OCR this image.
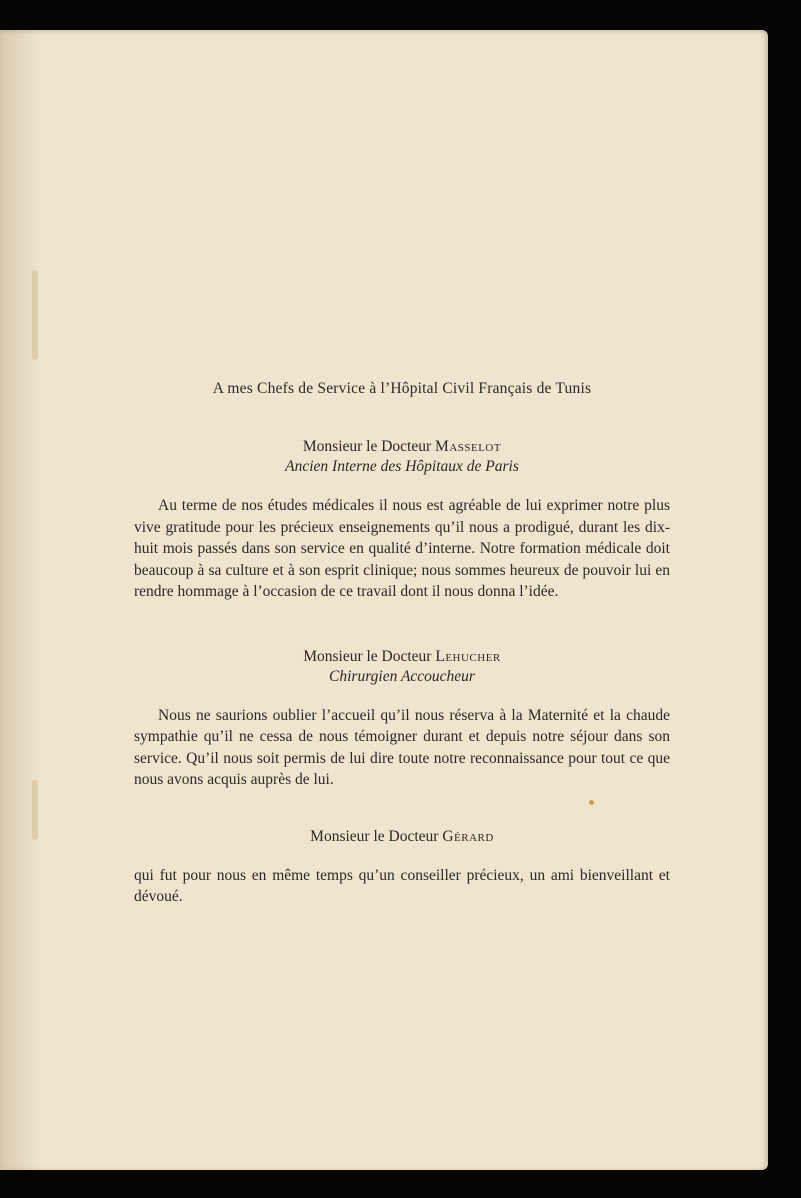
A mes Chefs de Service à l’Hôpital Civil Français de Tunis

Monsieur le Docteur Masselot

Ancien Interne des Hôpitaux de Paris

Au terme de nos études médicales il nous est agréable de lui exprimer notre plus vive gratitude pour les précieux enseignements qu’il nous a prodigué, durant les dix-huit mois passés dans son service en qualité d’interne. Notre formation médicale doit beaucoup à sa culture et à son esprit clinique; nous sommes heureux de pouvoir lui en rendre hommage à l’occasion de ce travail dont il nous donna l’idée.

Monsieur le Docteur Lehucher

Chirurgien Accoucheur

Nous ne saurions oublier l’accueil qu’il nous réserva à la Maternité et la chaude sympathie qu’il ne cessa de nous témoigner durant et depuis notre séjour dans son service. Qu’il nous soit permis de lui dire toute notre reconnaissance pour tout ce que nous avons acquis auprès de lui.

Monsieur le Docteur Gérard

qui fut pour nous en même temps qu’un conseiller précieux, un ami bienveillant et dévoué.
